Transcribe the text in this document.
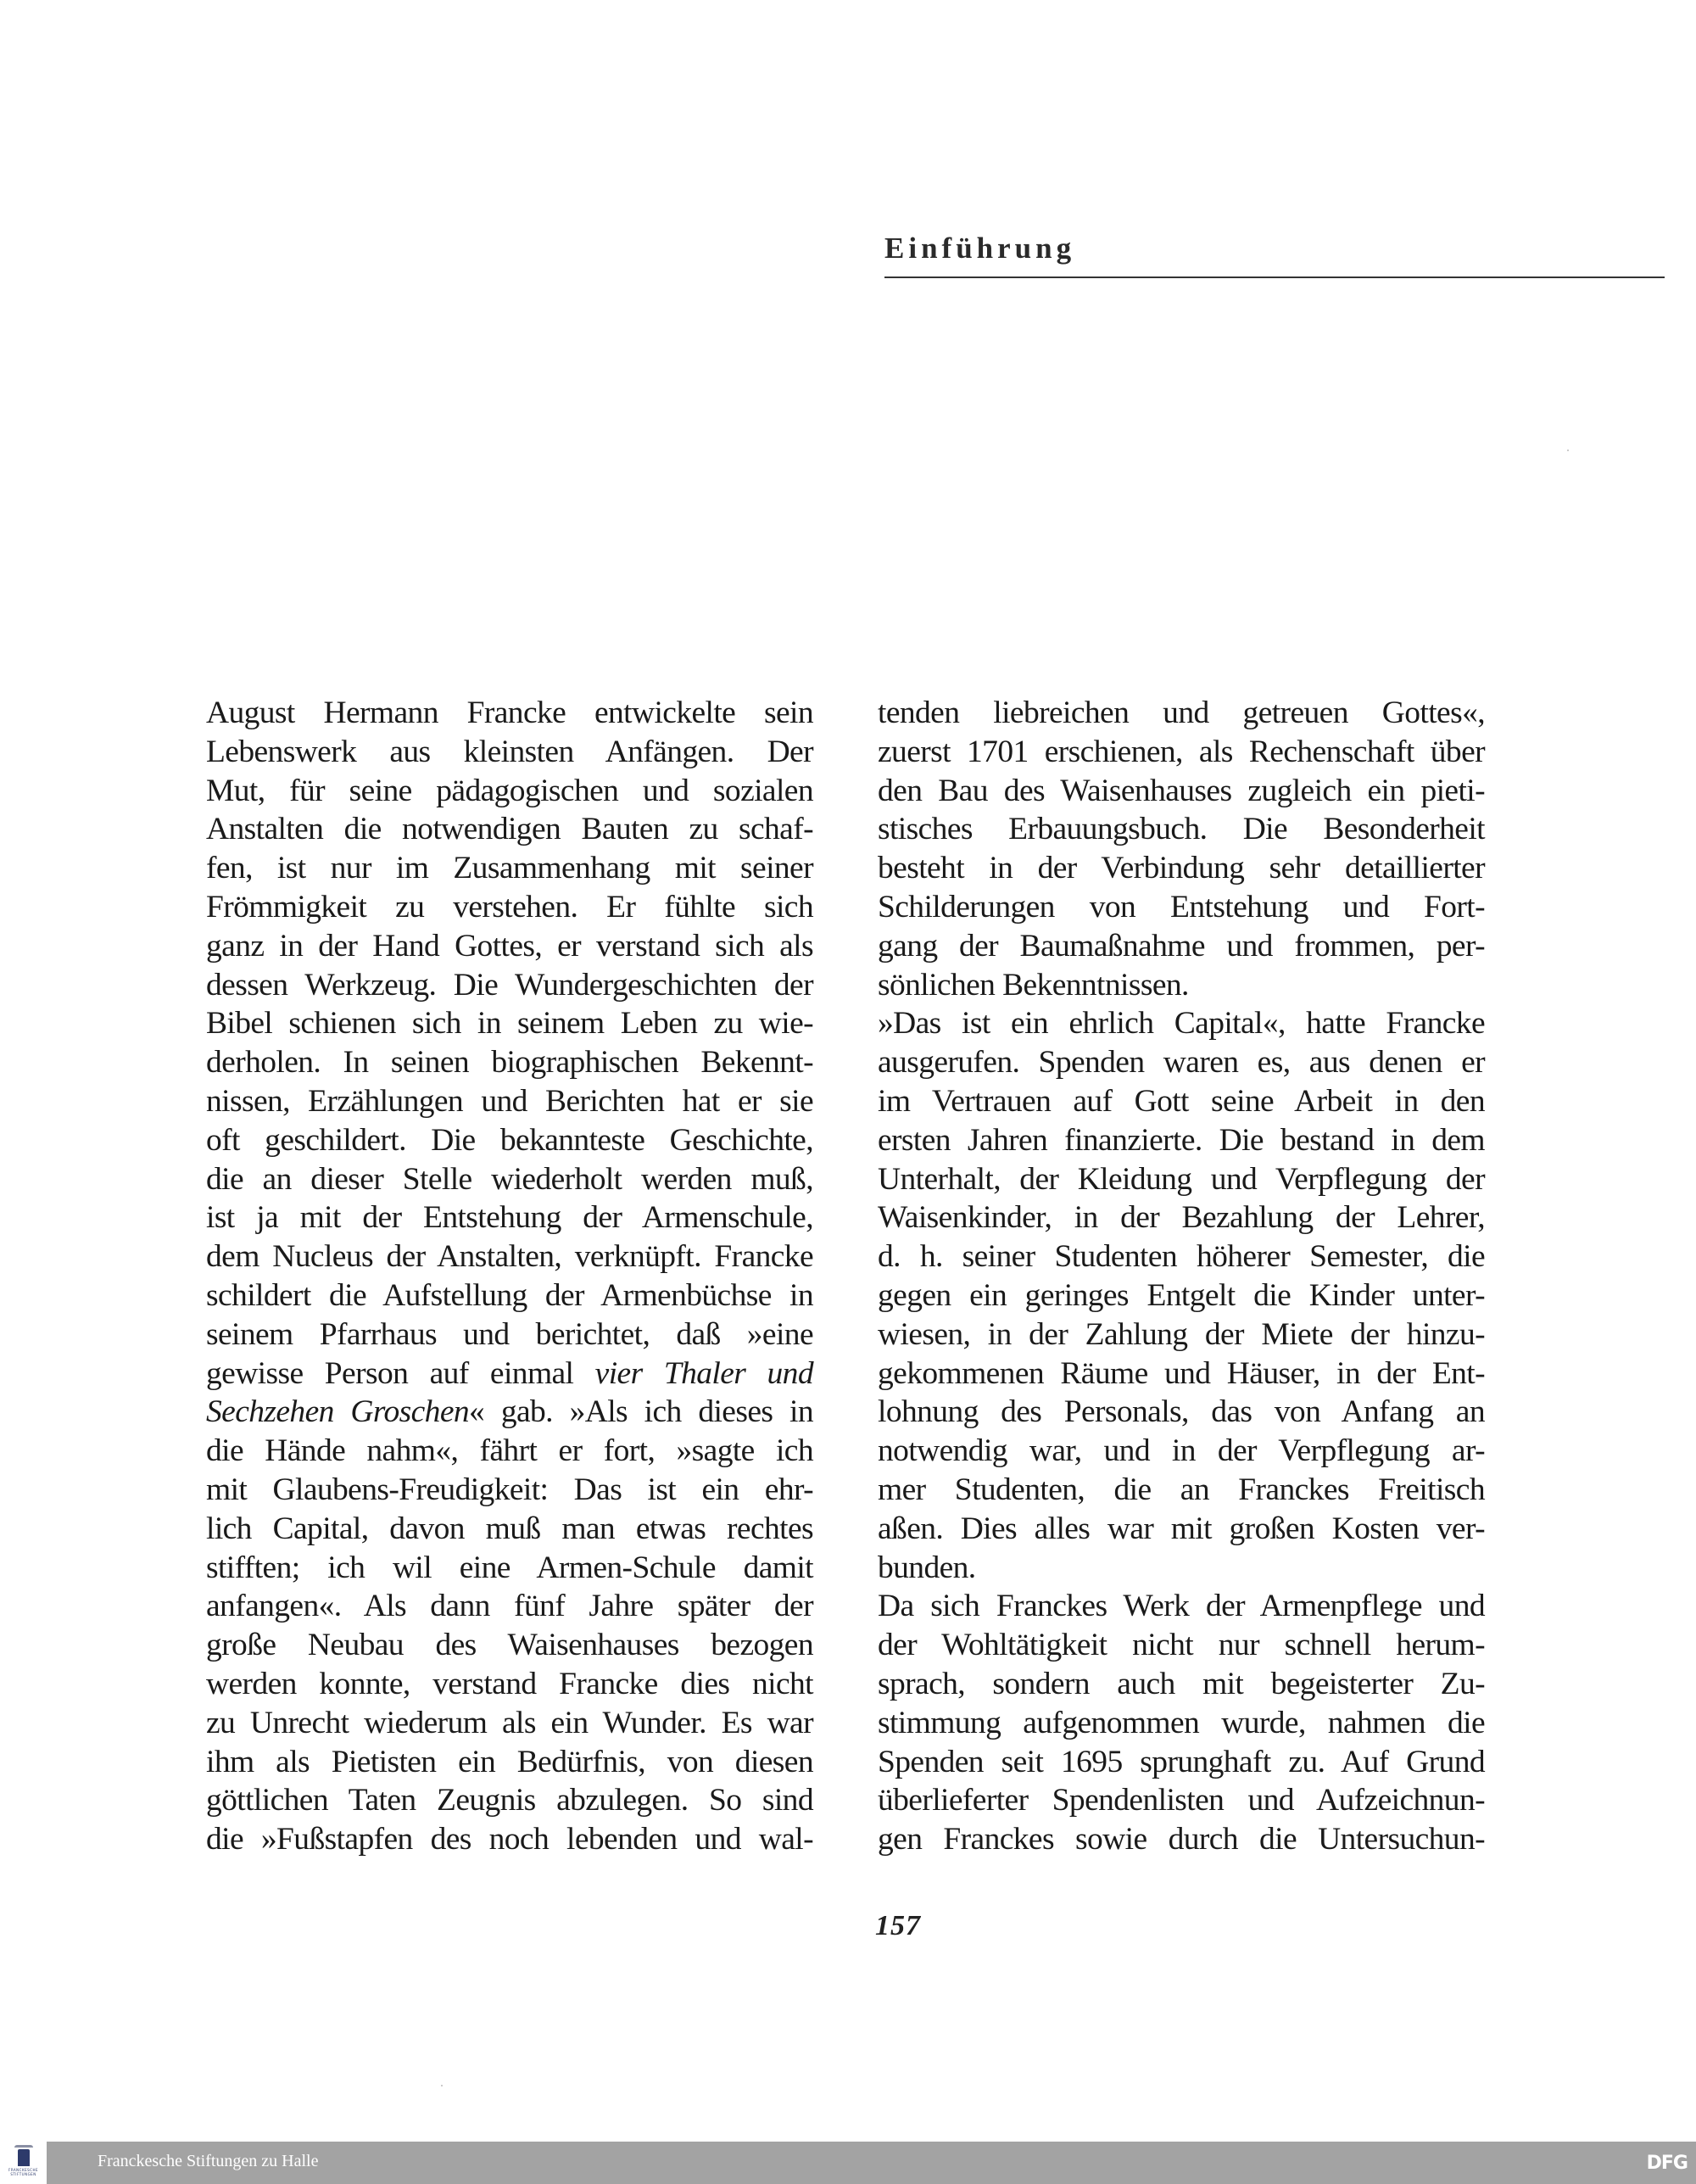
Einführung
August Hermann Francke entwickelte sein
Lebenswerk aus kleinsten Anfängen. Der
Mut, für seine pädagogischen und sozialen
Anstalten die notwendigen Bauten zu schaf-
fen, ist nur im Zusammenhang mit seiner
Frömmigkeit zu verstehen. Er fühlte sich
ganz in der Hand Gottes, er verstand sich als
dessen Werkzeug. Die Wundergeschichten der
Bibel schienen sich in seinem Leben zu wie-
derholen. In seinen biographischen Bekennt-
nissen, Erzählungen und Berichten hat er sie
oft geschildert. Die bekannteste Geschichte,
die an dieser Stelle wiederholt werden muß,
ist ja mit der Entstehung der Armenschule,
dem Nucleus der Anstalten, verknüpft. Francke
schildert die Aufstellung der Armenbüchse in
seinem Pfarrhaus und berichtet, daß »eine
gewisse Person auf einmal vier Thaler und
Sechzehen Groschen« gab. »Als ich dieses in
die Hände nahm«, fährt er fort, »sagte ich
mit Glaubens-Freudigkeit: Das ist ein ehr-
lich Capital, davon muß man etwas rechtes
stifften; ich wil eine Armen-Schule damit
anfangen«. Als dann fünf Jahre später der
große Neubau des Waisenhauses bezogen
werden konnte, verstand Francke dies nicht
zu Unrecht wiederum als ein Wunder. Es war
ihm als Pietisten ein Bedürfnis, von diesen
göttlichen Taten Zeugnis abzulegen. So sind
die »Fußstapfen des noch lebenden und wal-
tenden liebreichen und getreuen Gottes«,
zuerst 1701 erschienen, als Rechenschaft über
den Bau des Waisenhauses zugleich ein pieti-
stisches Erbauungsbuch. Die Besonderheit
besteht in der Verbindung sehr detaillierter
Schilderungen von Entstehung und Fort-
gang der Baumaßnahme und frommen, per-
sönlichen Bekenntnissen.
»Das ist ein ehrlich Capital«, hatte Francke
ausgerufen. Spenden waren es, aus denen er
im Vertrauen auf Gott seine Arbeit in den
ersten Jahren finanzierte. Die bestand in dem
Unterhalt, der Kleidung und Verpflegung der
Waisenkinder, in der Bezahlung der Lehrer,
d. h. seiner Studenten höherer Semester, die
gegen ein geringes Entgelt die Kinder unter-
wiesen, in der Zahlung der Miete der hinzu-
gekommenen Räume und Häuser, in der Ent-
lohnung des Personals, das von Anfang an
notwendig war, und in der Verpflegung ar-
mer Studenten, die an Franckes Freitisch
aßen. Dies alles war mit großen Kosten ver-
bunden.
Da sich Franckes Werk der Armenpflege und
der Wohltätigkeit nicht nur schnell herum-
sprach, sondern auch mit begeisterter Zu-
stimmung aufgenommen wurde, nahmen die
Spenden seit 1695 sprunghaft zu. Auf Grund
überlieferter Spendenlisten und Aufzeichnun-
gen Franckes sowie durch die Untersuchun-
157
FRANCKESCHE
STIFTUNGEN
Franckesche Stiftungen zu Halle	DFG
